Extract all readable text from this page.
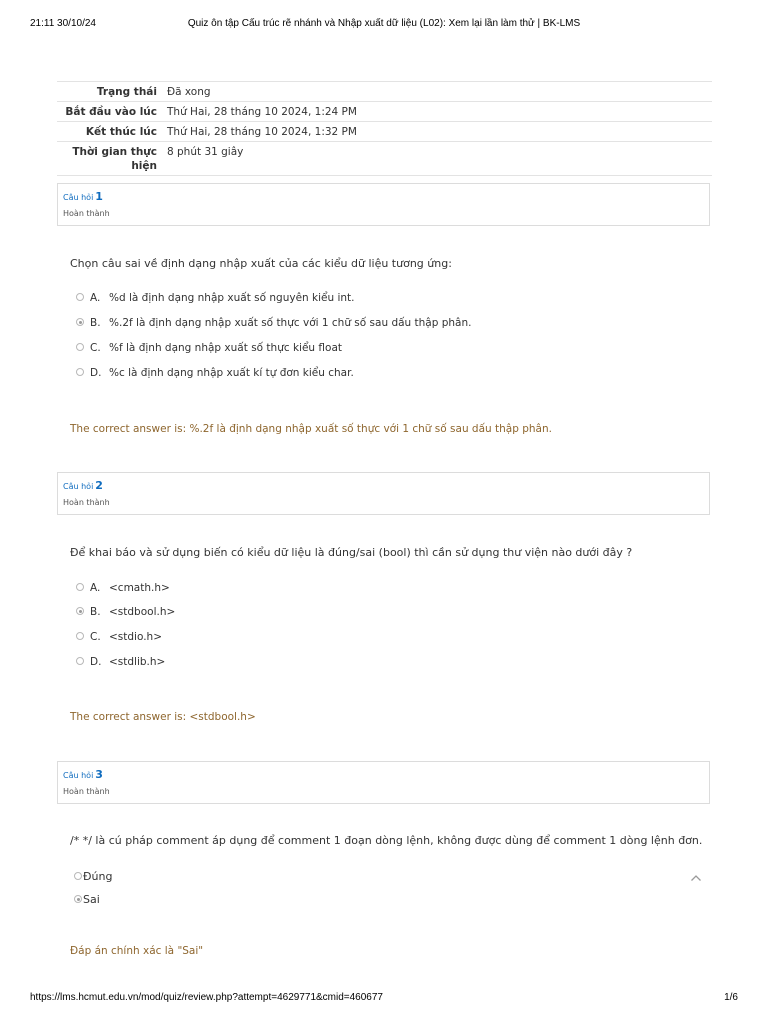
21:11 30/10/24	Quiz ôn tập Cấu trúc rẽ nhánh và Nhập xuất dữ liệu (L02): Xem lại lần làm thử | BK-LMS
Trạng thái	Đã xong
Bắt đầu vào lúc	Thứ Hai, 28 tháng 10 2024, 1:24 PM
Kết thúc lúc	Thứ Hai, 28 tháng 10 2024, 1:32 PM
Thời gian thực hiện	8 phút 31 giây
Câu hỏi 1
Hoàn thành
Chọn câu sai về định dạng nhập xuất của các kiểu dữ liệu tương ứng:
A. %d là định dạng nhập xuất số nguyên kiểu int.
B. %.2f là định dạng nhập xuất số thực với 1 chữ số sau dấu thập phân.
C. %f là định dạng nhập xuất số thực kiểu float
D. %c là định dạng nhập xuất kí tự đơn kiểu char.
The correct answer is: %.2f là định dạng nhập xuất số thực với 1 chữ số sau dấu thập phân.
Câu hỏi 2
Hoàn thành
Để khai báo và sử dụng biến có kiểu dữ liệu là đúng/sai (bool) thì cần sử dụng thư viện nào dưới đây ?
A. <cmath.h>
B. <stdbool.h>
C. <stdio.h>
D. <stdlib.h>
The correct answer is: <stdbool.h>
Câu hỏi 3
Hoàn thành
/* */ là cú pháp comment áp dụng để comment 1 đoạn dòng lệnh, không được dùng để comment 1 dòng lệnh đơn.
Đúng
Sai
Đáp án chính xác là "Sai"
https://lms.hcmut.edu.vn/mod/quiz/review.php?attempt=4629771&cmid=460677	1/6
